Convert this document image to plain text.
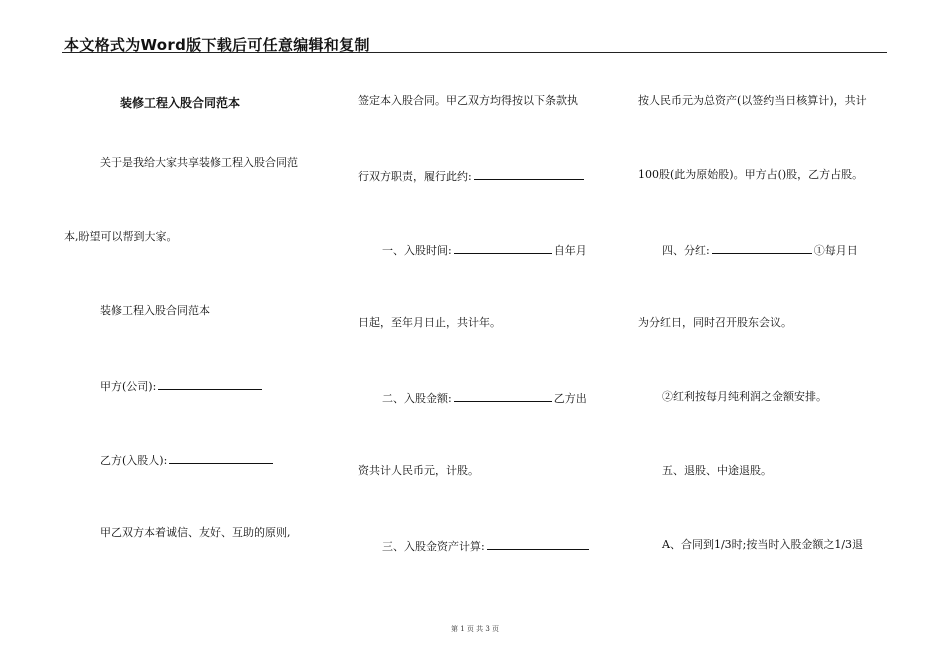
本文格式为Word版下载后可任意编辑和复制
装修工程入股合同范本
关于是我给大家共享装修工程入股合同范
本,盼望可以帮到大家。
装修工程入股合同范本
甲方(公司):
乙方(入股人):
甲乙双方本着诚信、友好、互助的原则,
签定本入股合同。甲乙双方均得按以下条款执
行双方职责，履行此约:
一、入股时间:	自年月
日起，至年月日止，共计年。
二、入股金额:	乙方出
资共计人民币元，计股。
三、入股金资产计算:
按人民币元为总资产(以签约当日核算计)，共计
100股(此为原始股)。甲方占()股，乙方占股。
四、分红:	①每月日
为分红日，同时召开股东会议。
②红利按每月纯利润之金额安排。
五、退股、中途退股。
A、合同到1/3时;按当时入股金额之1/3退
第 1 页 共 3 页
